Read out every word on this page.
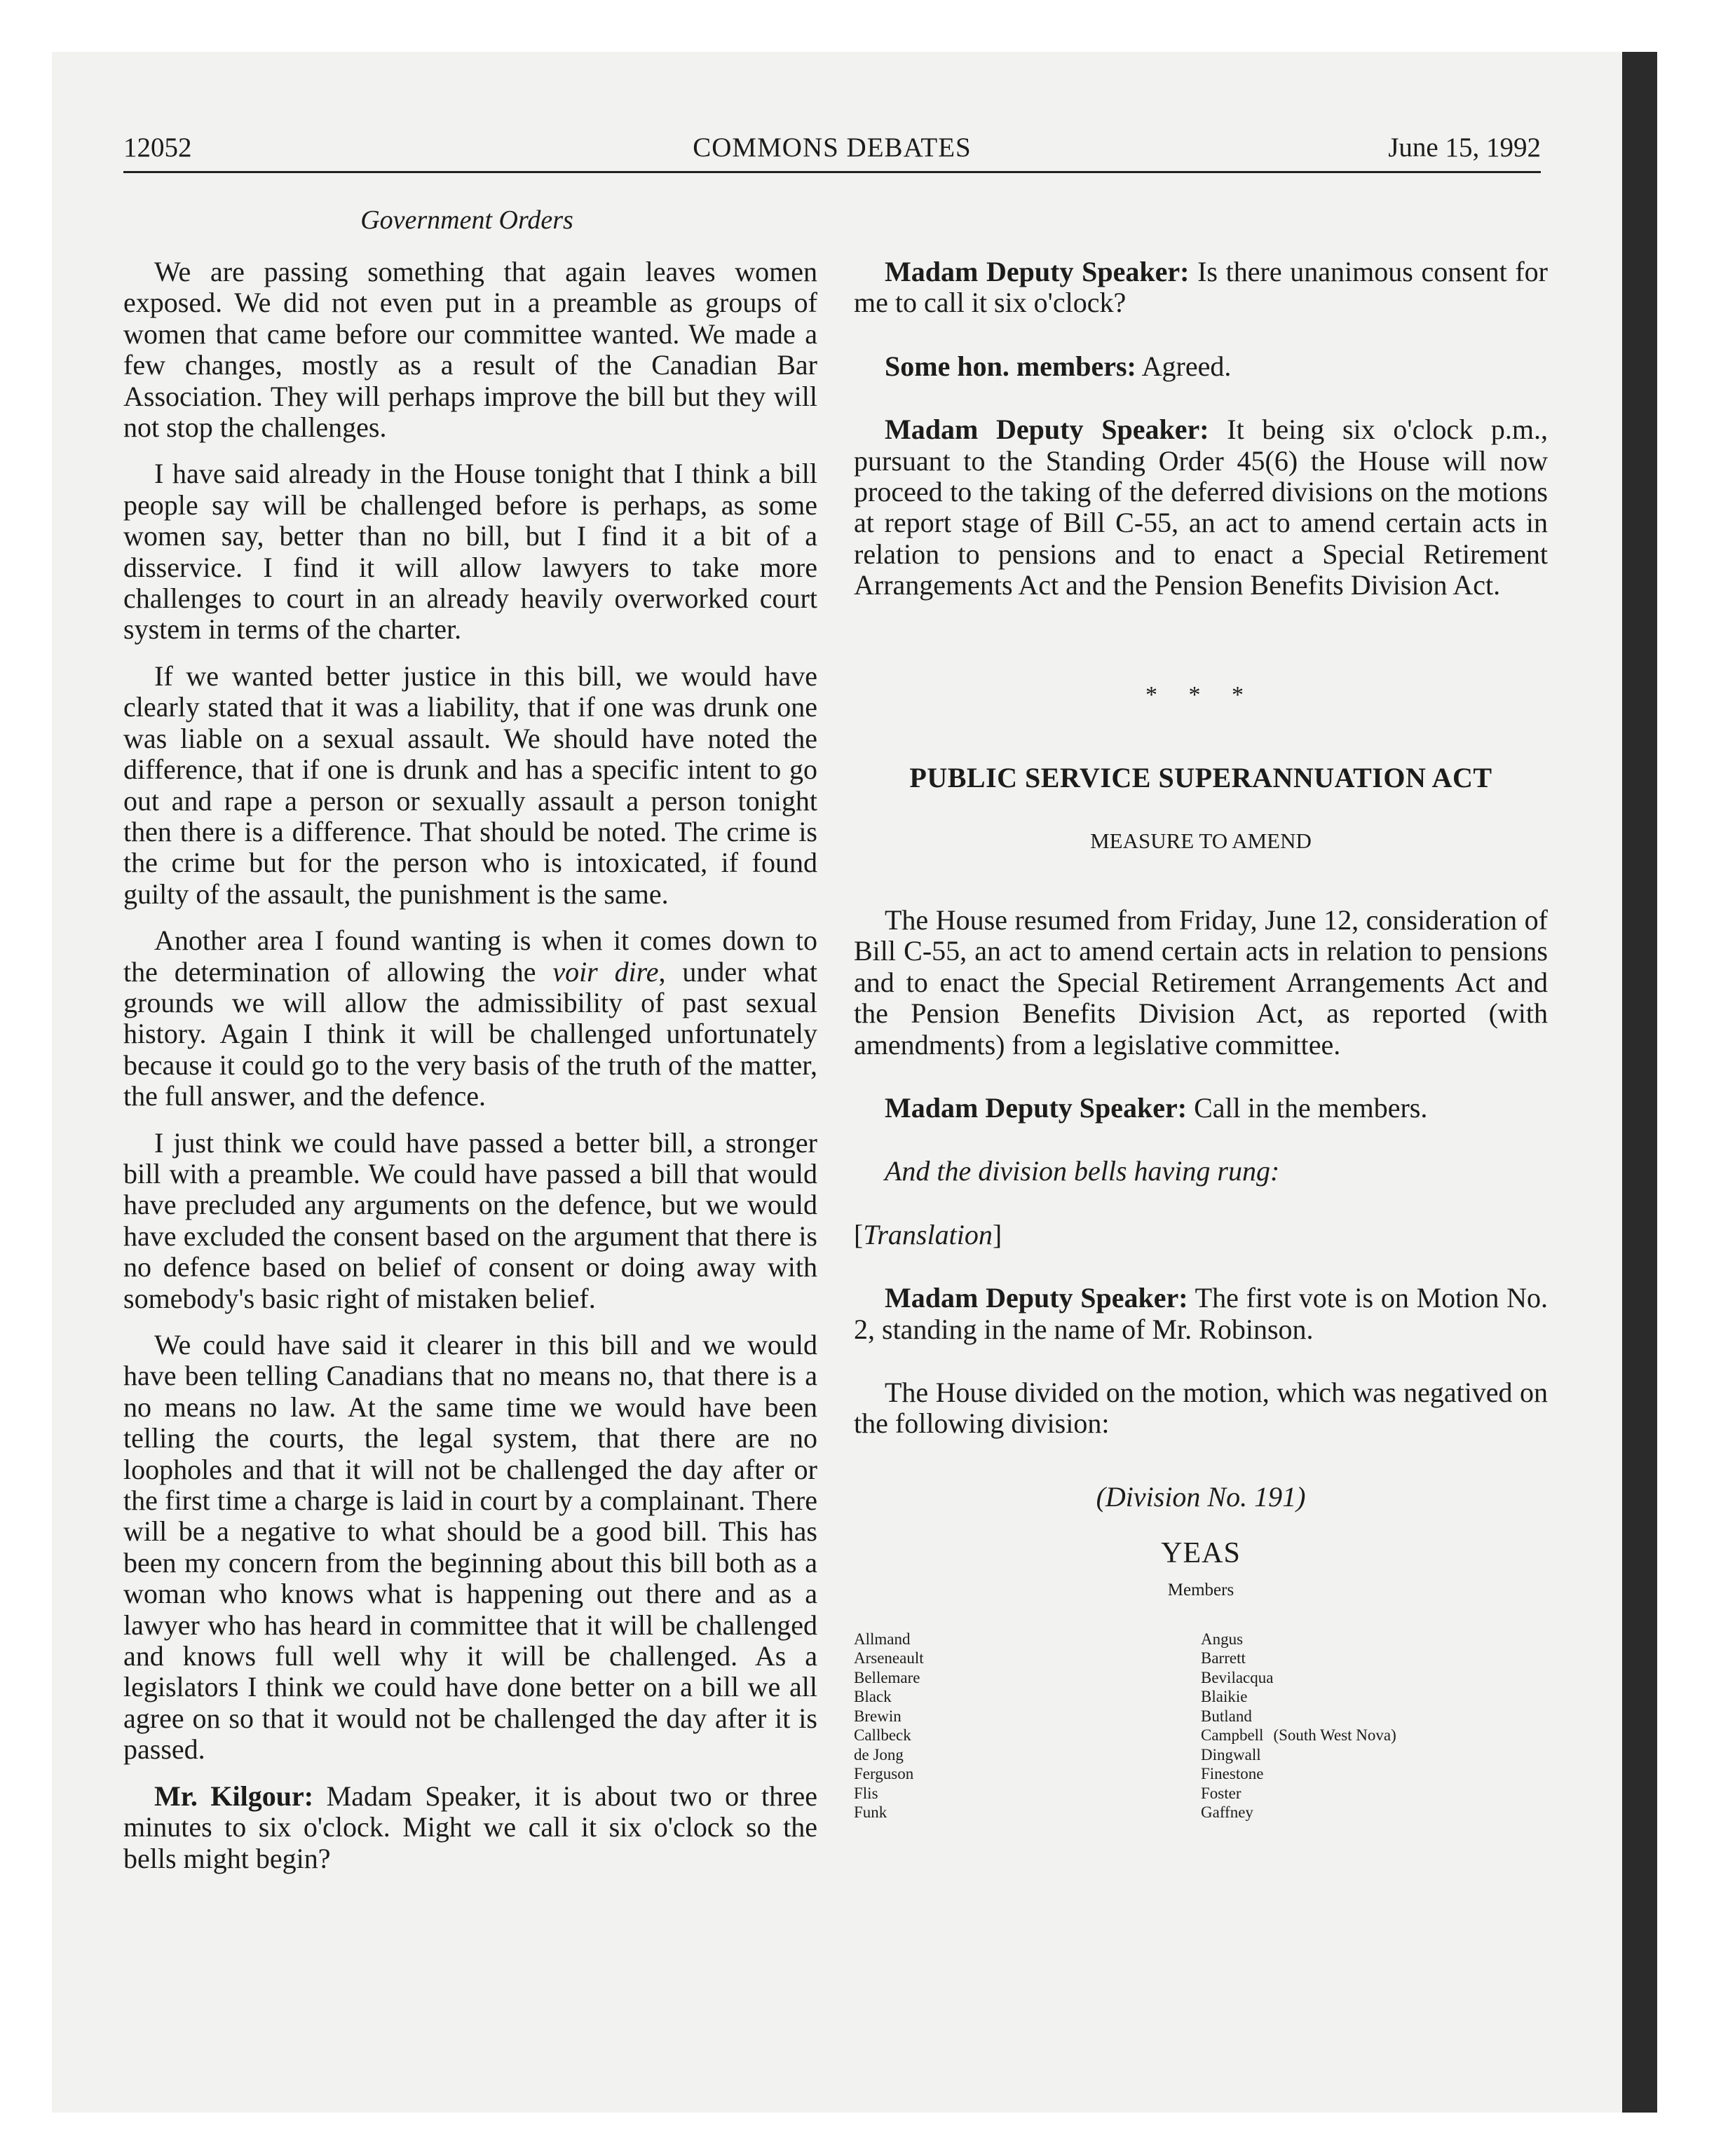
12052	COMMONS DEBATES	June 15, 1992
Government Orders

We are passing something that again leaves women exposed. We did not even put in a preamble as groups of women that came before our committee wanted. We made a few changes, mostly as a result of the Canadian Bar Association. They will perhaps improve the bill but they will not stop the challenges.

I have said already in the House tonight that I think a bill people say will be challenged before is perhaps, as some women say, better than no bill, but I find it a bit of a disservice. I find it will allow lawyers to take more challenges to court in an already heavily overworked court system in terms of the charter.

If we wanted better justice in this bill, we would have clearly stated that it was a liability, that if one was drunk one was liable on a sexual assault. We should have noted the difference, that if one is drunk and has a specific intent to go out and rape a person or sexually assault a person tonight then there is a difference. That should be noted. The crime is the crime but for the person who is intoxicated, if found guilty of the assault, the punishment is the same.

Another area I found wanting is when it comes down to the determination of allowing the voir dire, under what grounds we will allow the admissibility of past sexual history. Again I think it will be challenged unfortunately because it could go to the very basis of the truth of the matter, the full answer, and the defence.

I just think we could have passed a better bill, a stronger bill with a preamble. We could have passed a bill that would have precluded any arguments on the defence, but we would have excluded the consent based on the argument that there is no defence based on belief of consent or doing away with somebody's basic right of mistaken belief.

We could have said it clearer in this bill and we would have been telling Canadians that no means no, that there is a no means no law. At the same time we would have been telling the courts, the legal system, that there are no loopholes and that it will not be challenged the day after or the first time a charge is laid in court by a complainant. There will be a negative to what should be a good bill. This has been my concern from the beginning about this bill both as a woman who knows what is happening out there and as a lawyer who has heard in committee that it will be challenged and knows full well why it will be challenged. As a legislators I think we could have done better on a bill we all agree on so that it would not be challenged the day after it is passed.

Mr. Kilgour: Madam Speaker, it is about two or three minutes to six o'clock. Might we call it six o'clock so the bells might begin?

Madam Deputy Speaker: Is there unanimous consent for me to call it six o'clock?

Some hon. members: Agreed.

Madam Deputy Speaker: It being six o'clock p.m., pursuant to the Standing Order 45(6) the House will now proceed to the taking of the deferred divisions on the motions at report stage of Bill C-55, an act to amend certain acts in relation to pensions and to enact a Special Retirement Arrangements Act and the Pension Benefits Division Act.

* * *
PUBLIC SERVICE SUPERANNUATION ACT
MEASURE TO AMEND

The House resumed from Friday, June 12, consideration of Bill C-55, an act to amend certain acts in relation to pensions and to enact the Special Retirement Arrangements Act and the Pension Benefits Division Act, as reported (with amendments) from a legislative committee.

Madam Deputy Speaker: Call in the members.

And the division bells having rung:

[Translation]

Madam Deputy Speaker: The first vote is on Motion No. 2, standing in the name of Mr. Robinson.

The House divided on the motion, which was negatived on the following division:

(Division No. 191)
YEAS
Members
Allmand
Arseneault
Bellemare
Black
Brewin
Callbeck
de Jong
Ferguson
Flis
Funk
Angus
Barrett
Bevilacqua
Blaikie
Butland
Campbell (South West Nova)
Dingwall
Finestone
Foster
Gaffney
